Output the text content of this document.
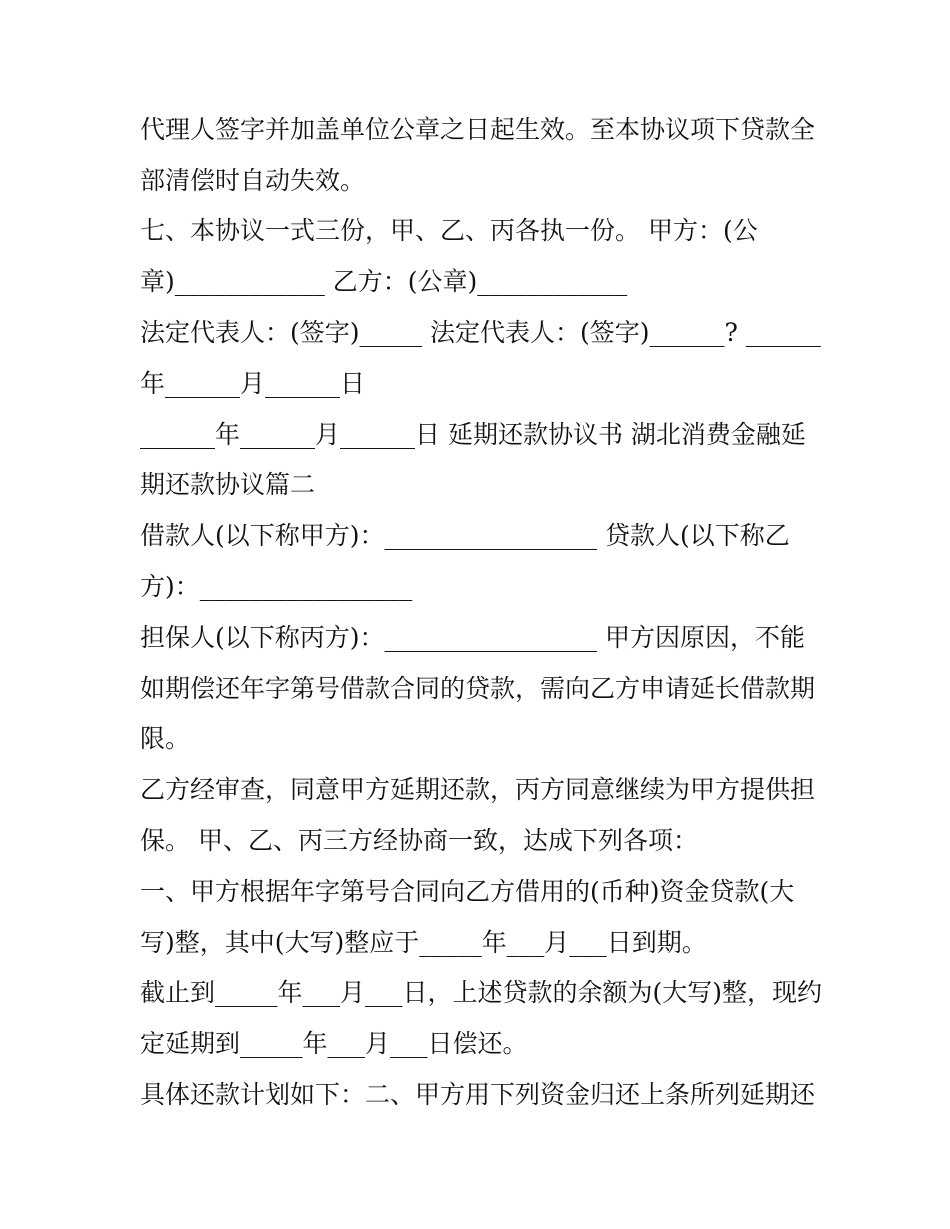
代理人签字并加盖单位公章之日起生效。至本协议项下贷款全
部清偿时自动失效。
七、本协议一式三份，甲、乙、丙各执一份。 甲方：(公
章)____________ 乙方：(公章)____________
法定代表人：(签字)_____ 法定代表人：(签字)______? ______
年______月______日
______年______月______日 延期还款协议书 湖北消费金融延
期还款协议篇二
借款人(以下称甲方)：_________________ 贷款人(以下称乙
方)：_________________
担保人(以下称丙方)：_________________ 甲方因原因，不能
如期偿还年字第号借款合同的贷款，需向乙方申请延长借款期
限。
乙方经审查，同意甲方延期还款，丙方同意继续为甲方提供担
保。 甲、乙、丙三方经协商一致，达成下列各项：
一、甲方根据年字第号合同向乙方借用的(币种)资金贷款(大
写)整，其中(大写)整应于_____年___月___日到期。
截止到_____年___月___日，上述贷款的余额为(大写)整，现约
定延期到_____年___月___日偿还。
具体还款计划如下：二、甲方用下列资金归还上条所列延期还
